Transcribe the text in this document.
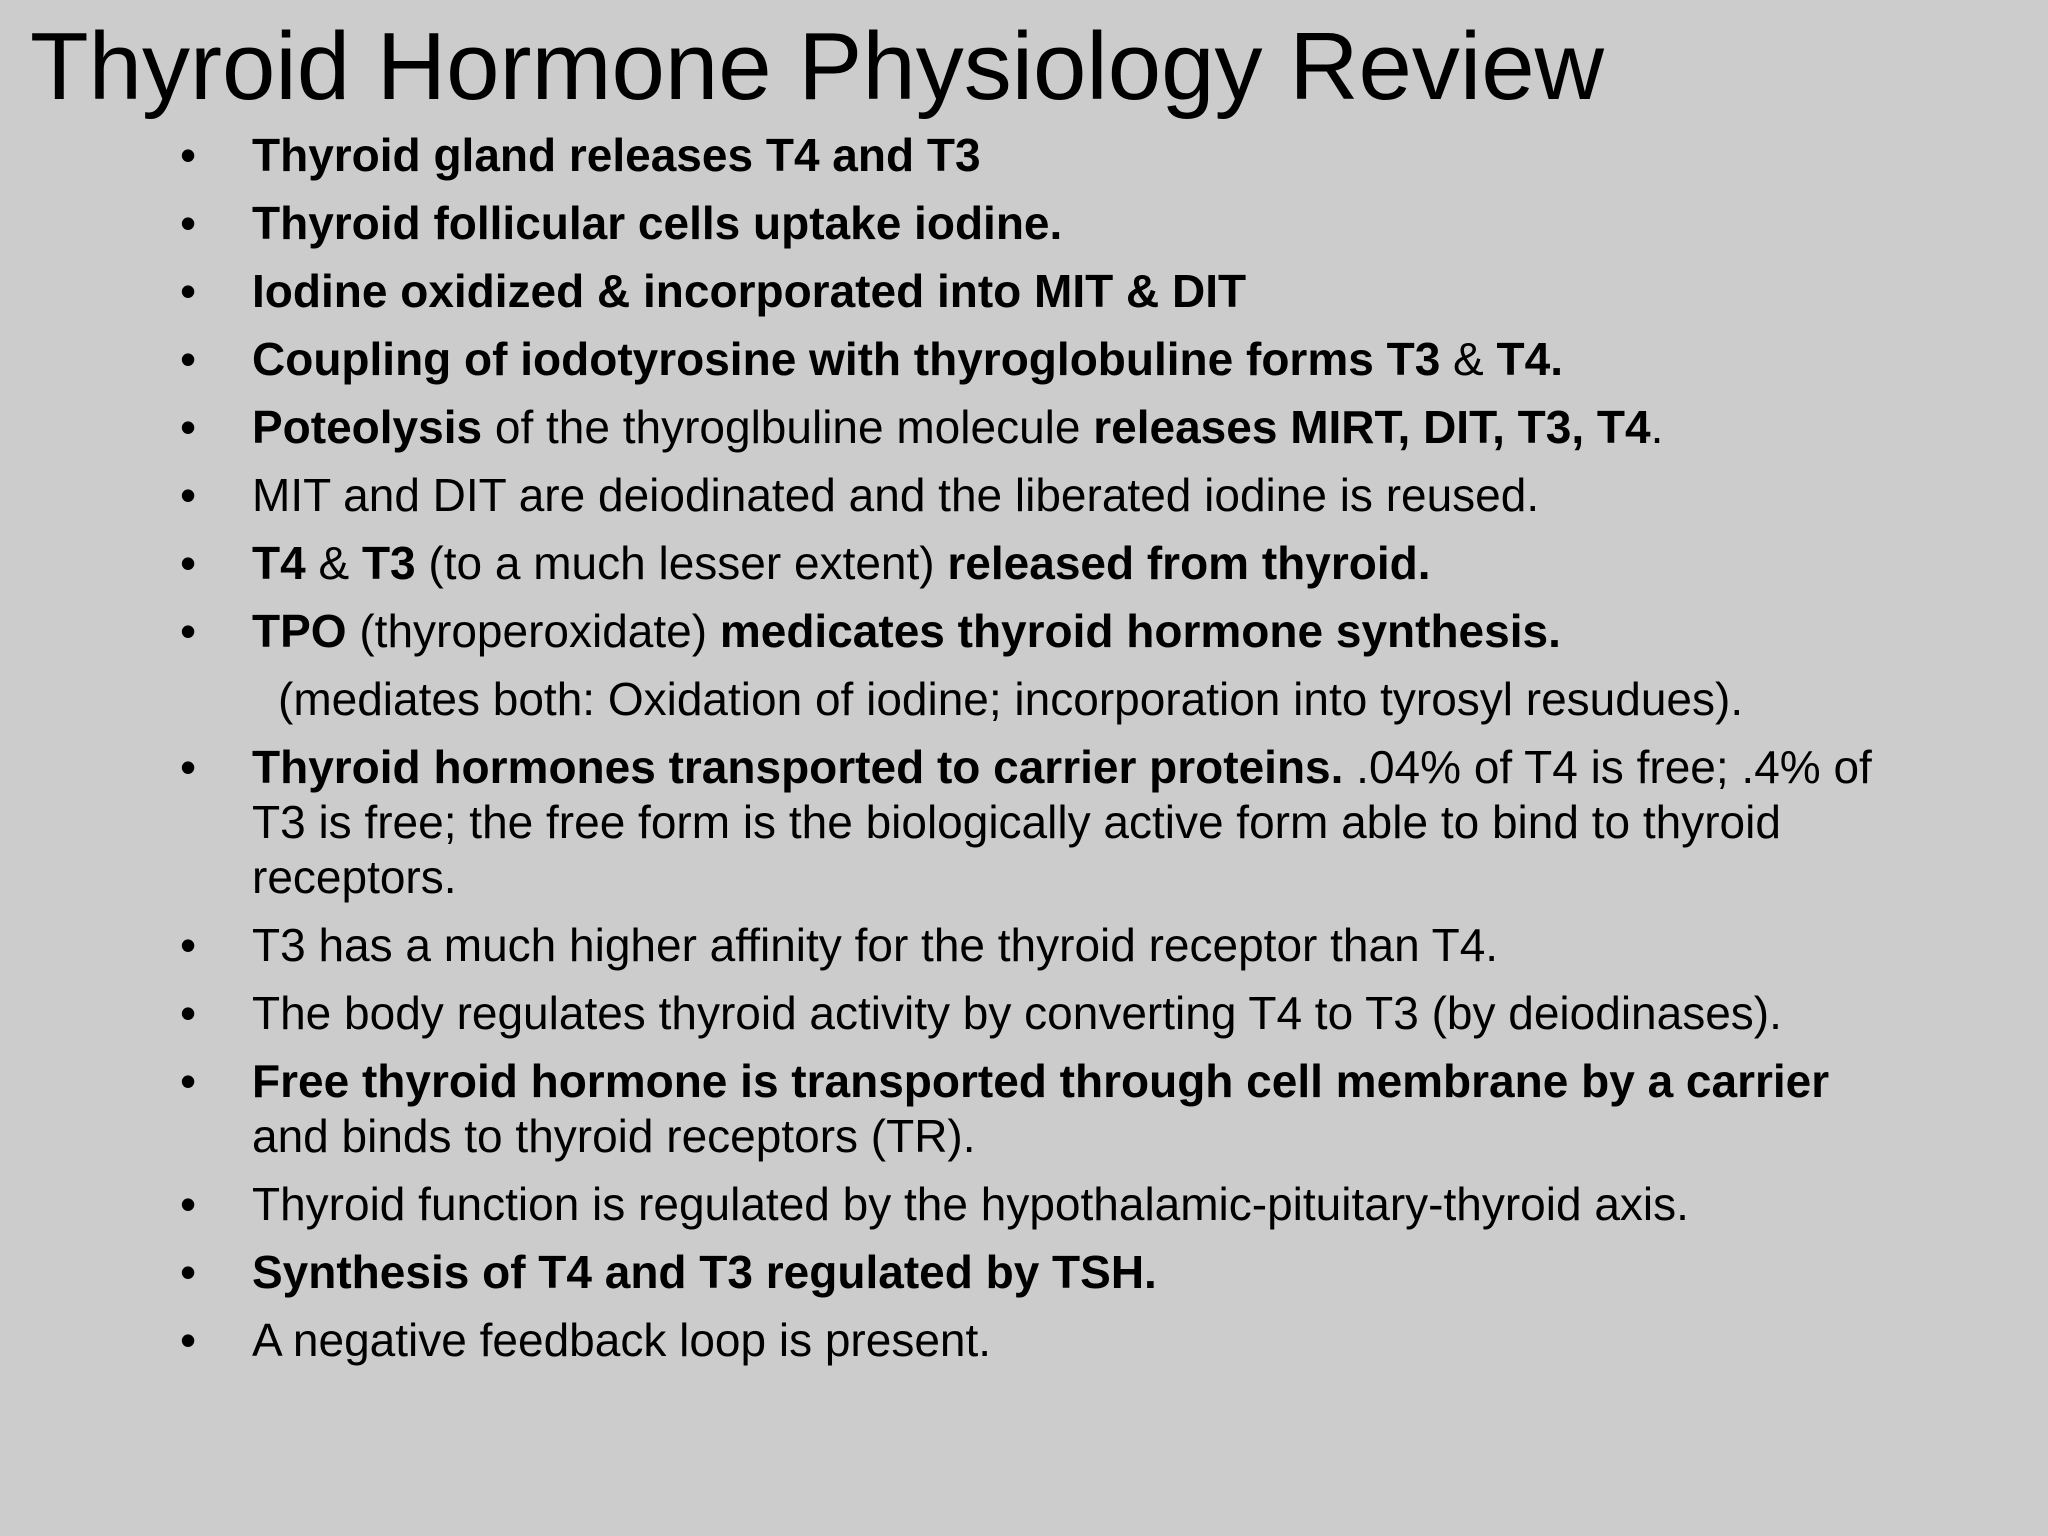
Thyroid Hormone Physiology Review
• Thyroid gland releases T4 and T3
• Thyroid follicular cells uptake iodine.
• Iodine oxidized & incorporated into MIT & DIT
• Coupling of iodotyrosine with thyroglobuline forms T3 & T4.
• Poteolysis of the thyroglbuline molecule releases MIRT, DIT, T3, T4.
• MIT and DIT are deiodinated and the liberated iodine is reused.
• T4 & T3 (to a much lesser extent) released from thyroid.
• TPO (thyroperoxidate) medicates thyroid hormone synthesis.
(mediates both: Oxidation of iodine; incorporation into tyrosyl resudues).
• Thyroid hormones transported to carrier proteins. .04% of T4 is free; .4% of T3 is free; the free form is the biologically active form able to bind to thyroid receptors.
• T3 has a much higher affinity for the thyroid receptor than T4.
• The body regulates thyroid activity by converting T4 to T3 (by deiodinases).
• Free thyroid hormone is transported through cell membrane by a carrier and binds to thyroid receptors (TR).
• Thyroid function is regulated by the hypothalamic-pituitary-thyroid axis.
• Synthesis of T4 and T3 regulated by TSH.
• A negative feedback loop is present.
